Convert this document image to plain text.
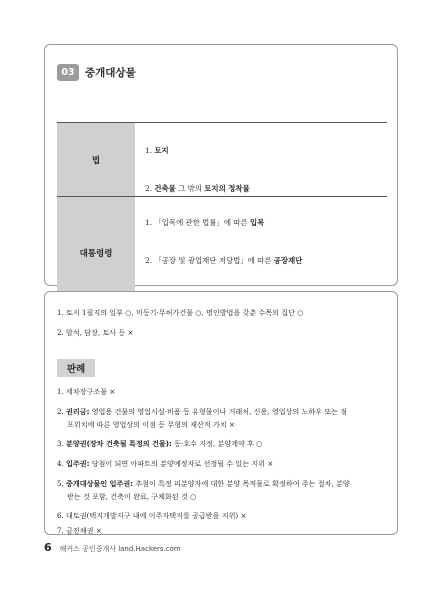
03 중개대상물
법
1. 토지
2. 건축물 그 밖의 토지의 정착물
대통령령
1. 「입목에 관한 법률」에 따른 입목
2. 「공장 및 광업재단 저당법」에 따른 공장재단
1. 토지 1필지의 일부 ○, 미등기·무허가건물 ○, 명인방법을 갖춘 수목의 집단 ○
2. 암석, 담장, 토사 등 ×
판례
1. 세차장구조물 ×
2. 권리금: 영업용 건물의 영업시설·비품 등 유형물이나 거래처, 신용, 영업상의 노하우 또는 점
포위치에 따른 영업상의 이점 등 무형의 재산적 가치 ×
3. 분양권(장차 건축될 특정의 건물): 동·호수 지정, 분양계약 후 ○
4. 입주권: 당첨이 되면 아파트의 분양예정자로 선정될 수 있는 지위 ×
5. 중개대상물인 입주권: 추첨이 특정 피분양자에 대한 분양 목적물로 확정하여 주는 절차, 분양
받는 것 포함, 건축이 완료, 구체화된 것 ○
6. 대토권(택지개발지구 내에 이주자택지를 공급받을 지위) ×
7. 금전채권 ×
6 해커스 공인중개사 land.Hackers.com
